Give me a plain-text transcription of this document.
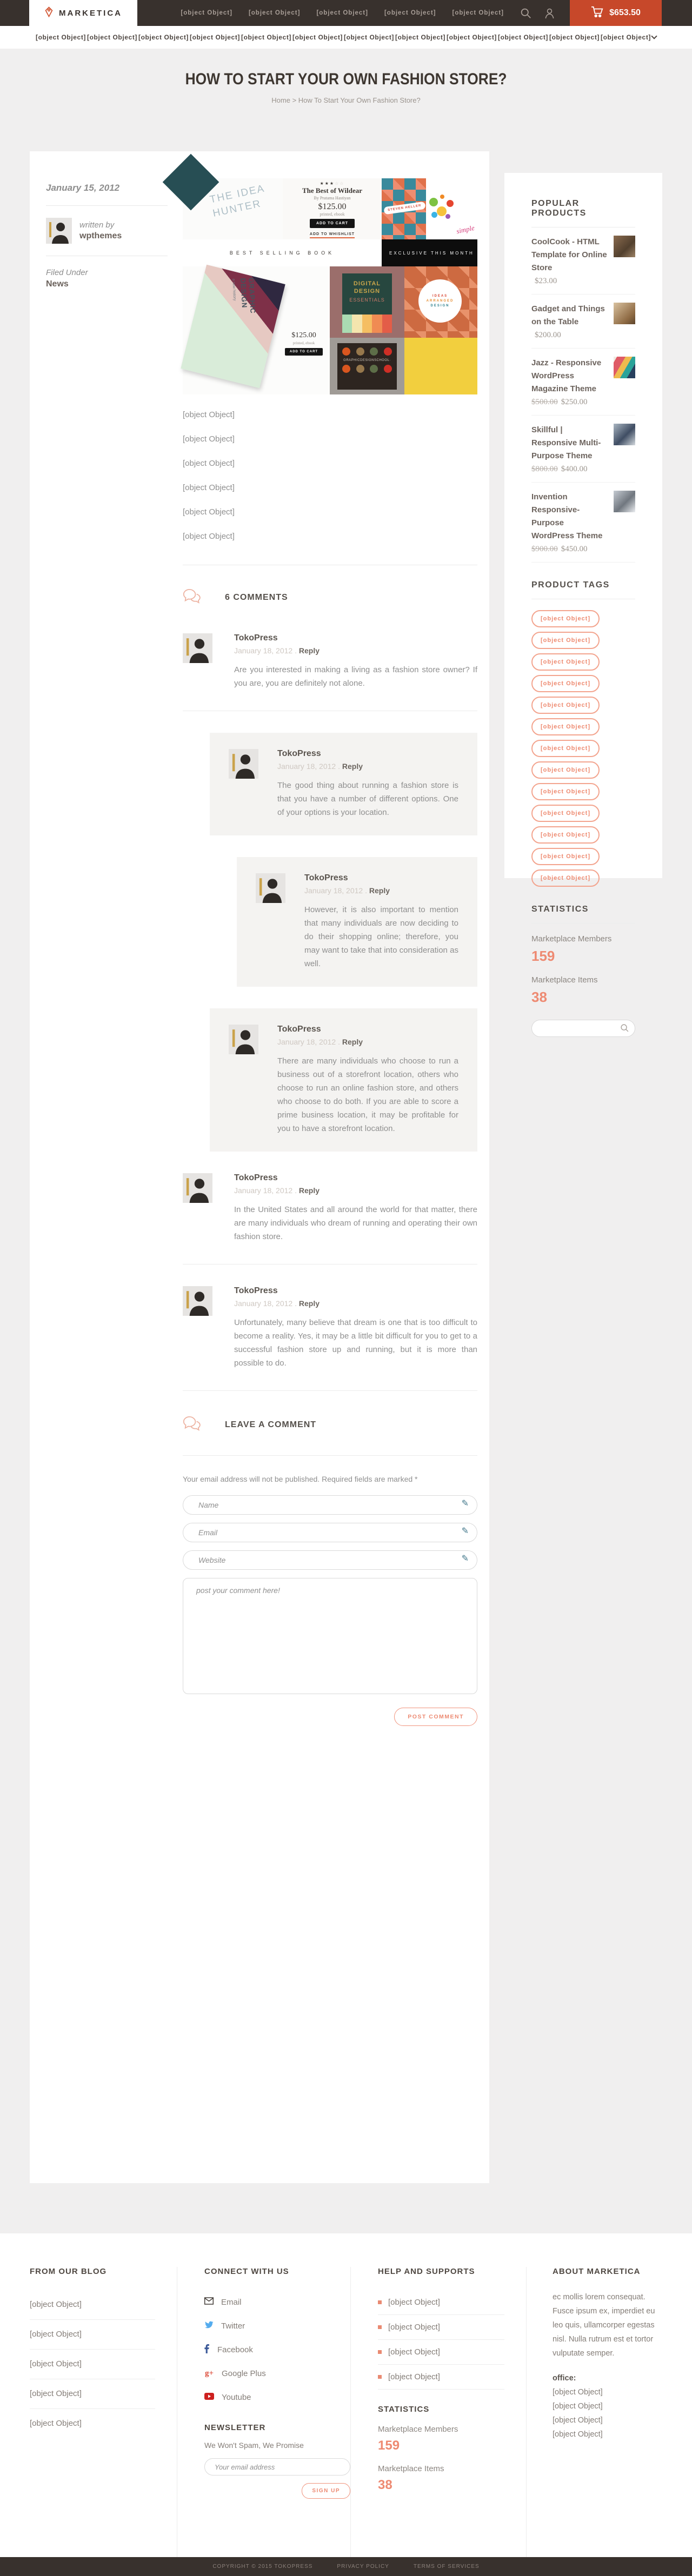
MARKETICA	[object Object]	[object Object]	[object Object]	[object Object]	[object Object]	$653.50
[object Object] [object Object] [object Object] [object Object] [object Object] [object Object] [object Object] [object Object] [object Object] [object Object] [object Object] [object Object]
HOW TO START YOUR OWN FASHION STORE?
Home > How To Start Your Own Fashion Store?
January 15, 2012
written by
wpthemes
Filed Under
News
THE IDEA HUNTER
★★★☆☆
The Best of Wildear
By Pratama Hastiyan
$125.00
printed, ebook
ADD TO CART
ADD TO WHISHLIST
STEVEN HELLER
simple
BEST SELLING BOOK	EXCLUSIVE THIS MONTH
GRAPHIC DESIGN
a new history
$125.00
printed, ebook
ADD TO CART
DIGITAL DESIGN
ESSENTIALS
GRAPHICDESIGNSCHOOL·
IDEAS
ARRANGED
DESIGN

[object Object]

[object Object]

[object Object]

[object Object]

[object Object]

[object Object]

6 COMMENTS
TokoPress
January 18, 2012 . Reply
Are you interested in making a living as a fashion store owner? If you are, you are definitely not alone.
TokoPress
January 18, 2012 . Reply
The good thing about running a fashion store is that you have a number of different options. One of your options is your location.
TokoPress
January 18, 2012 . Reply
However, it is also important to mention that many individuals are now deciding to do their shopping online; therefore, you may want to take that into consideration as well.
TokoPress
January 18, 2012 . Reply
There are many individuals who choose to run a business out of a storefront location, others who choose to run an online fashion store, and others who choose to do both. If you are able to score a prime business location, it may be profitable for you to have a storefront location.
TokoPress
January 18, 2012 . Reply
In the United States and all around the world for that matter, there are many individuals who dream of running and operating their own fashion store.
TokoPress
January 18, 2012 . Reply
Unfortunately, many believe that dream is one that is too difficult to become a reality. Yes, it may be a little bit difficult for you to get to a successful fashion store up and running, but it is more than possible to do.
LEAVE A COMMENT

Your email address will not be published. Required fields are marked *

Name
✎
Email
✎
Website
✎
post your comment here!
POST COMMENT
POPULAR PRODUCTS
CoolCook - HTML Template for Online Store
$23.00
Gadget and Things on the Table
$200.00
Jazz - Responsive WordPress Magazine Theme
$500.00 $250.00
Skillful | Responsive Multi-Purpose Theme
$800.00 $400.00
Invention Responsive-Purpose WordPress Theme
$900.00 $450.00
PRODUCT TAGS
[object Object]
[object Object]
[object Object]
[object Object]
[object Object]
[object Object]
[object Object]
[object Object]
[object Object]
[object Object]
[object Object]
[object Object]
[object Object]
STATISTICS
Marketplace Members
159
Marketplace Items
38
FROM OUR BLOG
[object Object]
[object Object]
[object Object]
[object Object]
[object Object]
CONNECT WITH US
Email
Twitter
Facebook
g+ Google Plus
Youtube
NEWSLETTER
We Won't Spam, We Promise
Your email address
SIGN UP
HELP AND SUPPORTS
[object Object]
[object Object]
[object Object]
[object Object]
STATISTICS
Marketplace Members
159
Marketplace Items
38
ABOUT MARKETICA

ec mollis lorem consequat. Fusce ipsum ex, imperdiet eu leo quis, ullamcorper egestas nisl. Nulla rutrum est et tortor vulputate semper.

office:
[object Object]
[object Object]
[object Object]
[object Object]
COPYRIGHT © 2015 TOKOPRESS	PRIVACY POLICY	TERMS OF SERVICES
